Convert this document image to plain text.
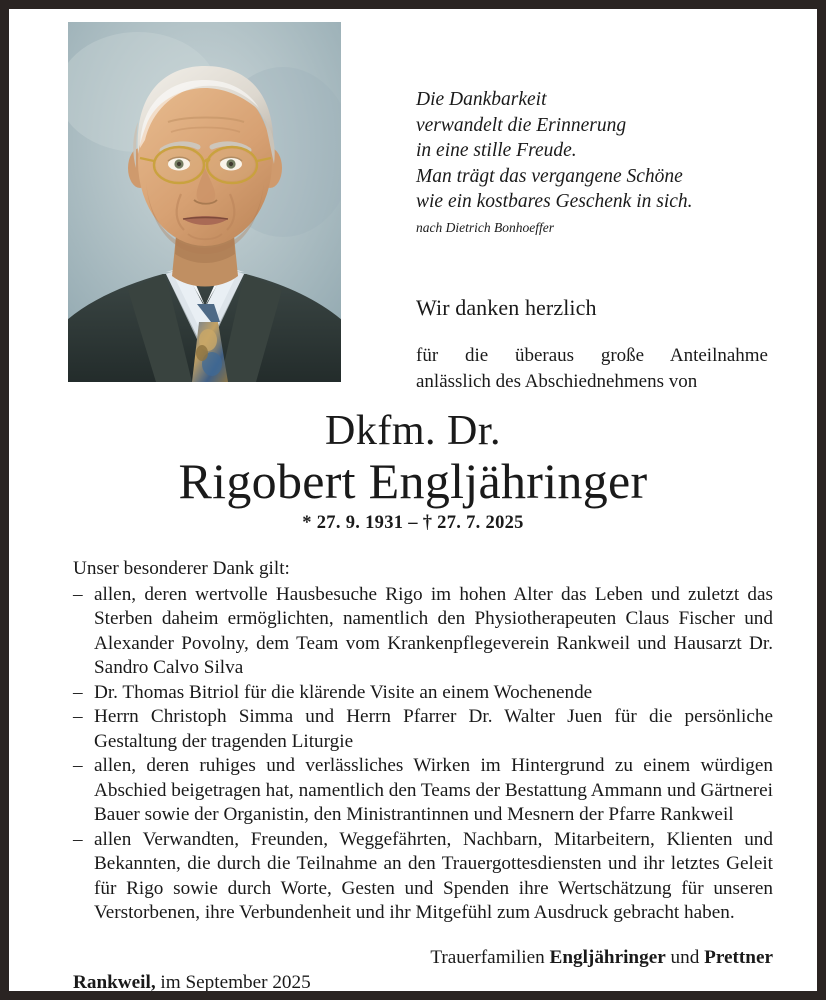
Die Dankbarkeit
verwandelt die Erinnerung
in eine stille Freude.
Man trägt das vergangene Schöne
wie ein kostbares Geschenk in sich.
nach Dietrich Bonhoeffer
Wir danken herzlich
für die überaus große Anteilnahme
anlässlich des Abschiednehmens von
Dkfm. Dr.
Rigobert Engljähringer
* 27. 9. 1931 – † 27. 7. 2025

Unser besonderer Dank gilt:

– allen, deren wertvolle Hausbesuche Rigo im hohen Alter das Leben und zuletzt das Sterben daheim ermöglichten, namentlich den Physiotherapeuten Claus Fischer und Alexander Povolny, dem Team vom Krankenpflegeverein Rankweil und Hausarzt Dr. Sandro Calvo Silva
– Dr. Thomas Bitriol für die klärende Visite an einem Wochenende
– Herrn Christoph Simma und Herrn Pfarrer Dr. Walter Juen für die persönliche Gestaltung der tragenden Liturgie
– allen, deren ruhiges und verlässliches Wirken im Hintergrund zu einem würdigen Abschied beigetragen hat, namentlich den Teams der Bestattung Ammann und Gärtnerei Bauer sowie der Organistin, den Ministrantinnen und Mesnern der Pfarre Rankweil
– allen Verwandten, Freunden, Weggefährten, Nachbarn, Mitarbeitern, Klienten und Bekannten, die durch die Teilnahme an den Trauergottesdiensten und ihr letztes Geleit für Rigo sowie durch Worte, Gesten und Spenden ihre Wertschätzung für unseren Verstorbenen, ihre Verbundenheit und ihr Mitgefühl zum Ausdruck gebracht haben.
Trauerfamilien Engljähringer und Prettner
Rankweil, im September 2025
